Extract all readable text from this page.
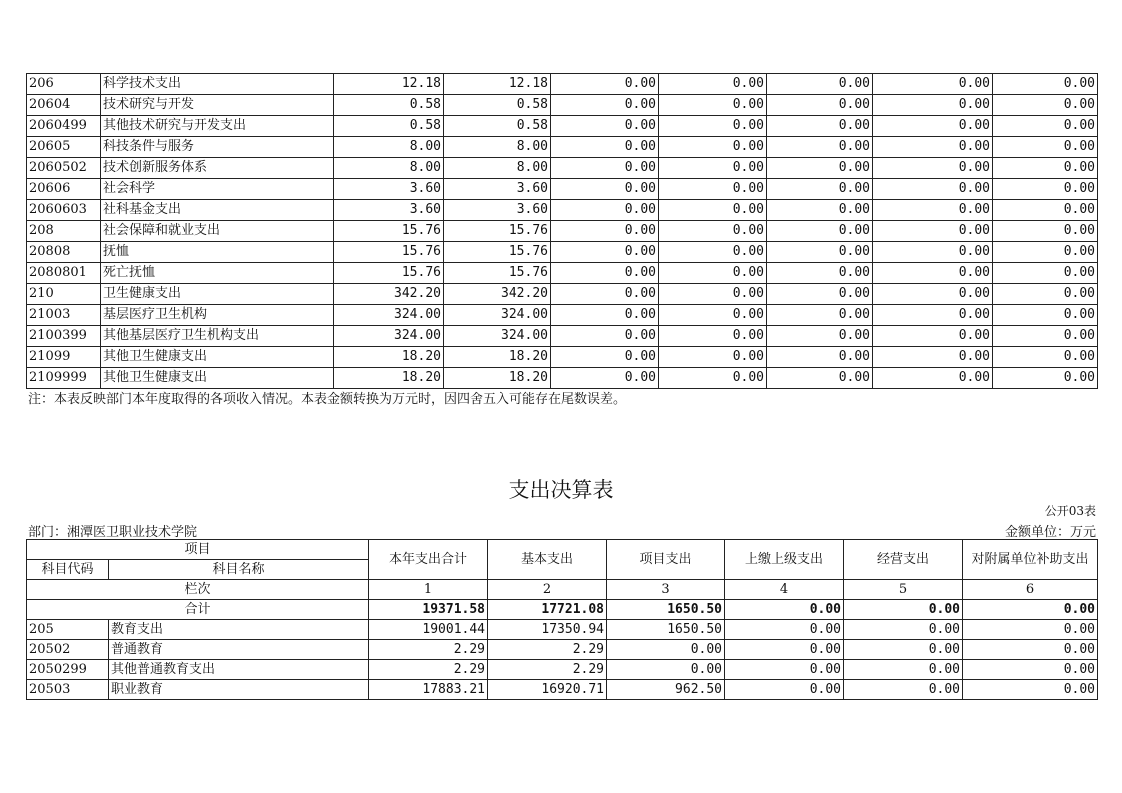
206	科学技术支出	12.18	12.18	0.00	0.00	0.00	0.00	0.00
20604	技术研究与开发	0.58	0.58	0.00	0.00	0.00	0.00	0.00
2060499	其他技术研究与开发支出	0.58	0.58	0.00	0.00	0.00	0.00	0.00
20605	科技条件与服务	8.00	8.00	0.00	0.00	0.00	0.00	0.00
2060502	技术创新服务体系	8.00	8.00	0.00	0.00	0.00	0.00	0.00
20606	社会科学	3.60	3.60	0.00	0.00	0.00	0.00	0.00
2060603	社科基金支出	3.60	3.60	0.00	0.00	0.00	0.00	0.00
208	社会保障和就业支出	15.76	15.76	0.00	0.00	0.00	0.00	0.00
20808	抚恤	15.76	15.76	0.00	0.00	0.00	0.00	0.00
2080801	死亡抚恤	15.76	15.76	0.00	0.00	0.00	0.00	0.00
210	卫生健康支出	342.20	342.20	0.00	0.00	0.00	0.00	0.00
21003	基层医疗卫生机构	324.00	324.00	0.00	0.00	0.00	0.00	0.00
2100399	其他基层医疗卫生机构支出	324.00	324.00	0.00	0.00	0.00	0.00	0.00
21099	其他卫生健康支出	18.20	18.20	0.00	0.00	0.00	0.00	0.00
2109999	其他卫生健康支出	18.20	18.20	0.00	0.00	0.00	0.00	0.00
注：本表反映部门本年度取得的各项收入情况。本表金额转换为万元时，因四舍五入可能存在尾数误差。
支出决算表
公开03表
部门：湘潭医卫职业技术学院	金额单位：万元
项目		本年支出合计	基本支出	项目支出	上缴上级支出	经营支出	对附属单位补助支出
科目代码	科目名称						
栏次		1	2	3	4	5	6
合计		19371.58	17721.08	1650.50	0.00	0.00	0.00
205	教育支出	19001.44	17350.94	1650.50	0.00	0.00	0.00
20502	普通教育	2.29	2.29	0.00	0.00	0.00	0.00
2050299	其他普通教育支出	2.29	2.29	0.00	0.00	0.00	0.00
20503	职业教育	17883.21	16920.71	962.50	0.00	0.00	0.00
